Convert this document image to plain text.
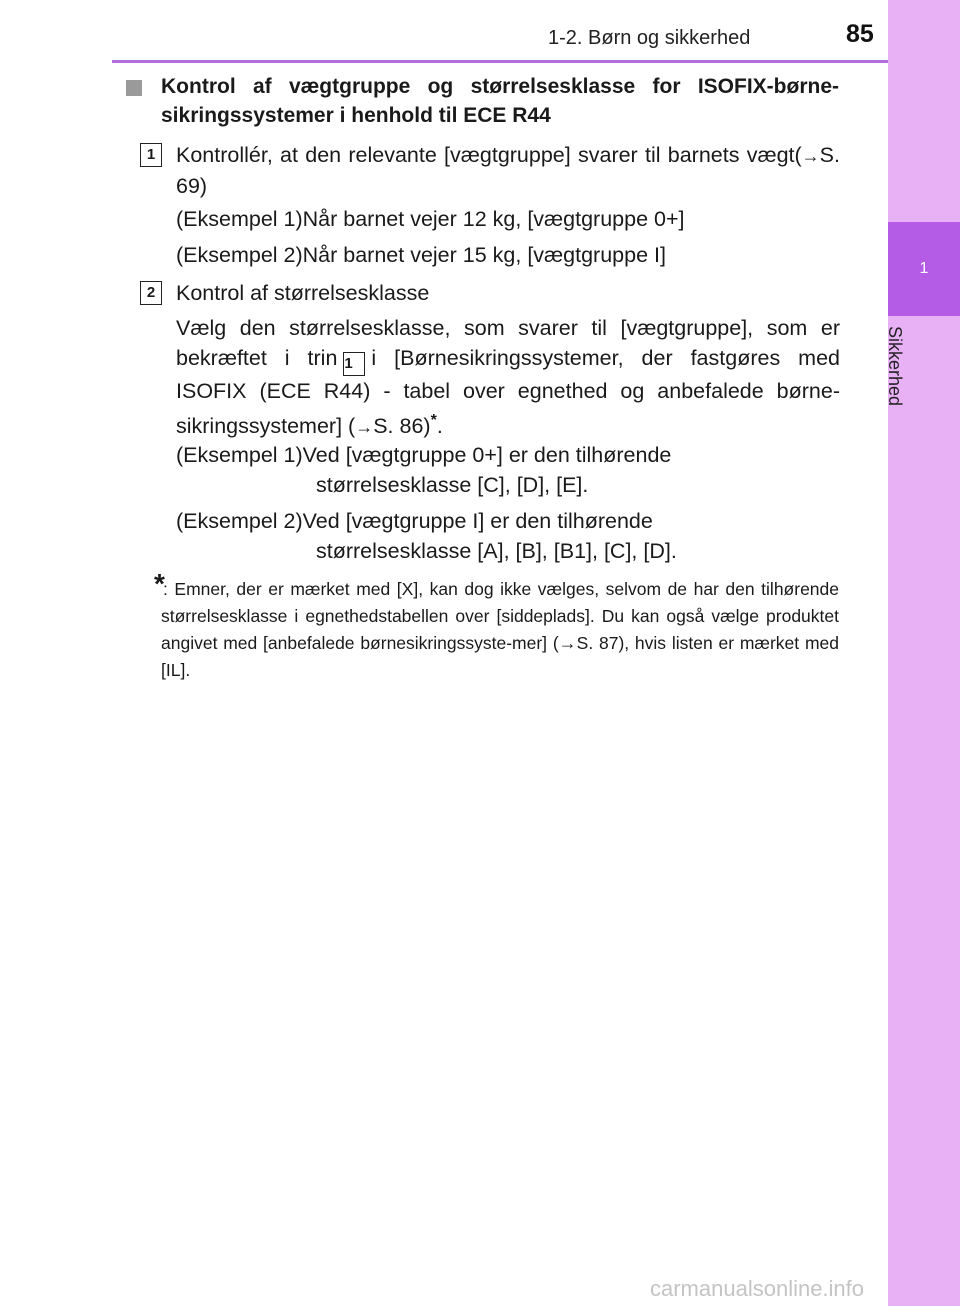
1
Sikkerhed
1-2. Børn og sikkerhed	85
Kontrol af vægtgruppe og størrelsesklasse for ISOFIX-børne-sikringssystemer i henhold til ECE R44
1 Kontrollér, at den relevante [vægtgruppe] svarer til barnets vægt(→S. 69)
(Eksempel 1)Når barnet vejer 12 kg, [vægtgruppe 0+]
(Eksempel 2)Når barnet vejer 15 kg, [vægtgruppe I]
2 Kontrol af størrelsesklasse
Vælg den størrelsesklasse, som svarer til [vægtgruppe], som er bekræftet i trin 1 i [Børnesikringssystemer, der fastgøres med ISOFIX (ECE R44) - tabel over egnethed og anbefalede børne-sikringssystemer] (→S. 86)*.
(Eksempel 1)Ved [vægtgruppe 0+] er den tilhørende
størrelsesklasse [C], [D], [E].
(Eksempel 2)Ved [vægtgruppe I] er den tilhørende
størrelsesklasse [A], [B], [B1], [C], [D].
*
: Emner, der er mærket med [X], kan dog ikke vælges, selvom de har den tilhørende størrelsesklasse i egnethedstabellen over [siddeplads]. Du kan også vælge produktet angivet med [anbefalede børnesikringssyste-mer] (→S. 87), hvis listen er mærket med [IL].
carmanualsonline.info
